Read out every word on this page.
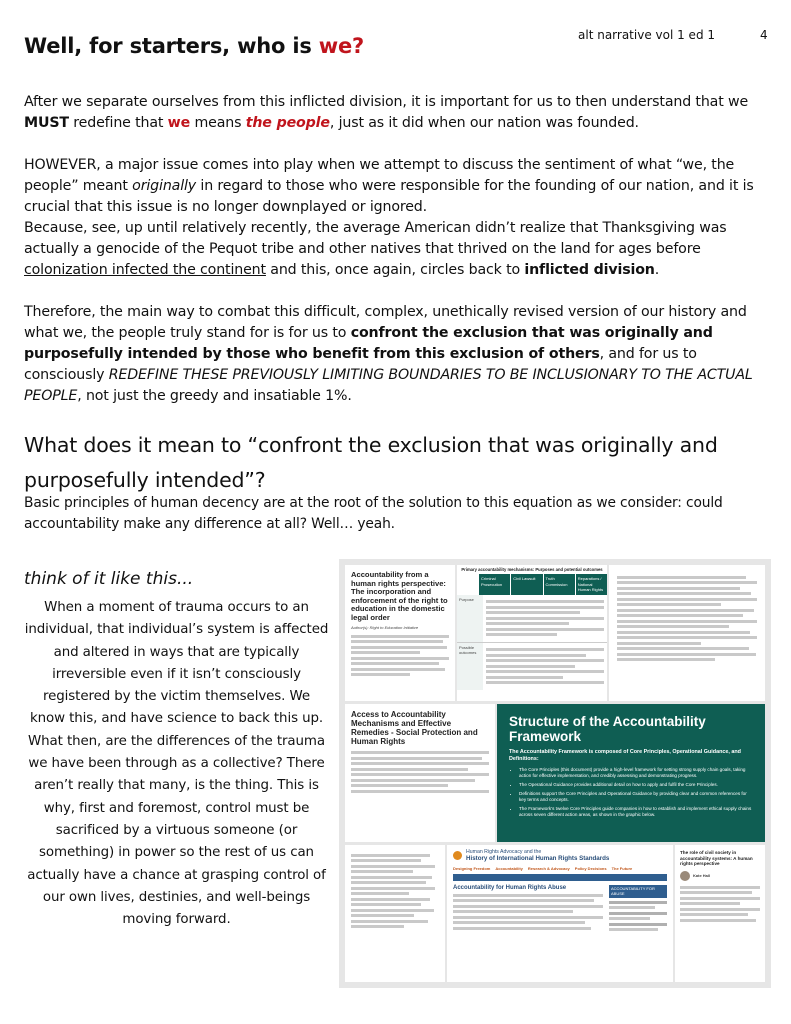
Well, for starters, who is we?	alt narrative vol 1 ed 1	4
After we separate ourselves from this inflicted division, it is important for us to then understand that we MUST redefine that we means the people, just as it did when our nation was founded.
HOWEVER, a major issue comes into play when we attempt to discuss the sentiment of what “we, the people” meant originally in regard to those who were responsible for the founding of our nation, and it is crucial that this issue is no longer downplayed or ignored.
Because, see, up until relatively recently, the average American didn’t realize that Thanksgiving was actually a genocide of the Pequot tribe and other natives that thrived on the land for ages before colonization infected the continent and this, once again, circles back to inflicted division.
Therefore, the main way to combat this difficult, complex, unethically revised version of our history and what we, the people truly stand for is for us to confront the exclusion that was originally and purposefully intended by those who benefit from this exclusion of others, and for us to consciously REDEFINE THESE PREVIOUSLY LIMITING BOUNDARIES TO BE INCLUSIONARY TO THE ACTUAL PEOPLE, not just the greedy and insatiable 1%.
What does it mean to “confront the exclusion that was originally and purposefully intended”?
Basic principles of human decency are at the root of the solution to this equation as we consider: could accountability make any difference at all? Well… yeah.
think of it like this...
When a moment of trauma occurs to an individual, that individual’s system is affected and altered in ways that are typically irreversible even if it isn’t consciously registered by the victim themselves. We know this, and have science to back this up. What then, are the differences of the trauma we have been through as a collective? There aren’t really that many, is the thing. This is why, first and foremost, control must be sacrificed by a virtuous someone (or something) in power so the rest of us can actually have a chance at grasping control of our own lives, destinies, and well-beings moving forward.
Accountability from a human rights perspective: The incorporation and enforcement of the right to education in the domestic legal order
Author(s): Right to Education Initiative
Primary accountability mechanisms: Purposes and potential outcomes
Criminal Prosecution
Civil Lawsuit	Truth Commission
Reparations / National Human Rights
Purpose
Possible outcomes
Access to Accountability Mechanisms and Effective Remedies - Social Protection and Human Rights
Structure of the Accountability Framework
The Accountability Framework is composed of Core Principles, Operational Guidance, and Definitions:
• The Core Principles (this document) provide a high-level framework for setting strong supply chain goals, taking action for effective implementation, and credibly assessing and demonstrating progress.
• The Operational Guidance provides additional detail on how to apply and fulfil the Core Principles.
• Definitions support the Core Principles and Operational Guidance by providing clear and common references for key terms and concepts.
• The Framework’s twelve Core Principles guide companies in how to establish and implement ethical supply chains across seven different action areas, as shown in the graphic below.
Human Rights Advocacy and the
History of International Human Rights Standards
Designing Freedom Accountability Research & Advocacy Policy Decisions The Future
Accountability for Human Rights Abuse	ACCOUNTABILITY FOR ABUSE
The role of civil society in accountability systems: A human rights perspective
Kate Hall
